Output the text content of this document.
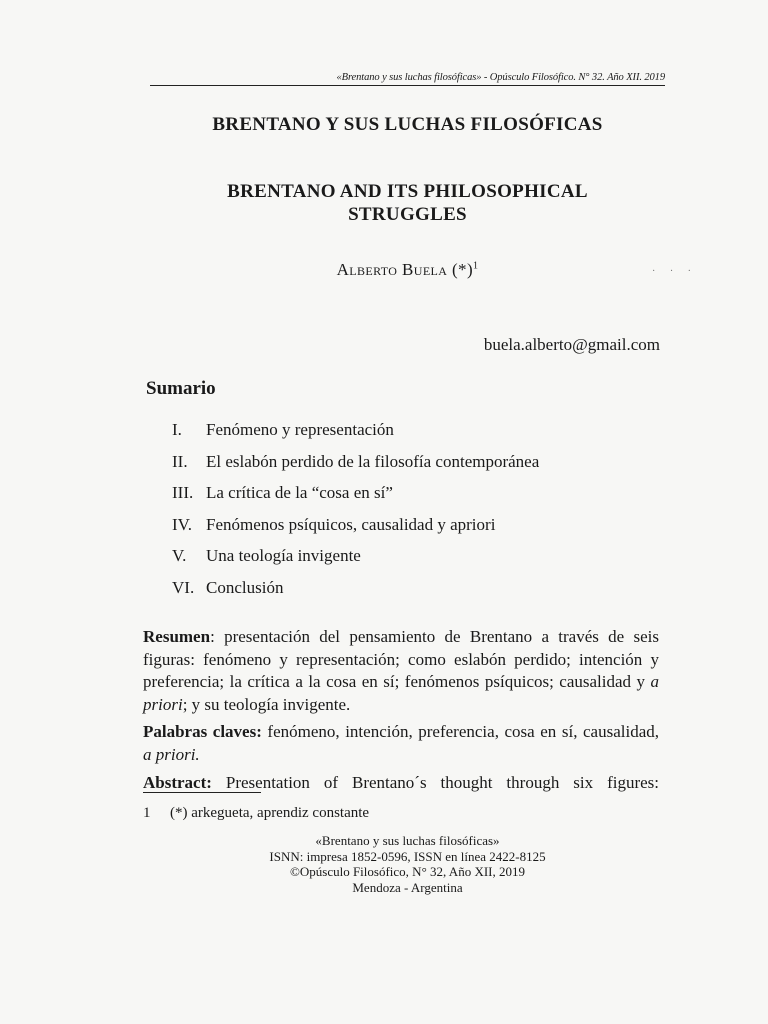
«Brentano y sus luchas filosóficas» - Opúsculo Filosófico. N° 32. Año XII. 2019
BRENTANO Y SUS LUCHAS FILOSÓFICAS
BRENTANO AND ITS PHILOSOPHICAL
STRUGGLES
Alberto Buela $(*)^1$
· · ·
buela.alberto@gmail.com
Sumario
I.	Fenómeno y representación
II.	El eslabón perdido de la filosofía contemporánea
III. La crítica de la “cosa en sí”
IV. Fenómenos psíquicos, causalidad y apriori
V.	Una teología invigente
VI. Conclusión

Resumen: presentación del pensamiento de Brentano a través de seis figuras: fenómeno y representación; como eslabón perdido; intención y preferencia; la crítica a la cosa en sí; fenómenos psíquicos; causalidad y a priori; y su teología invigente.

Palabras claves: fenómeno, intención, preferencia, cosa en sí, causalidad, a priori.

Abstract: Presentation of Brentano´s thought through six figures:

1 (*) arkegueta, aprendiz constante
«Brentano y sus luchas filosóficas»
ISNN: impresa 1852-0596, ISSN en línea 2422-8125
©Opúsculo Filosófico, N° 32, Año XII, 2019
Mendoza - Argentina
